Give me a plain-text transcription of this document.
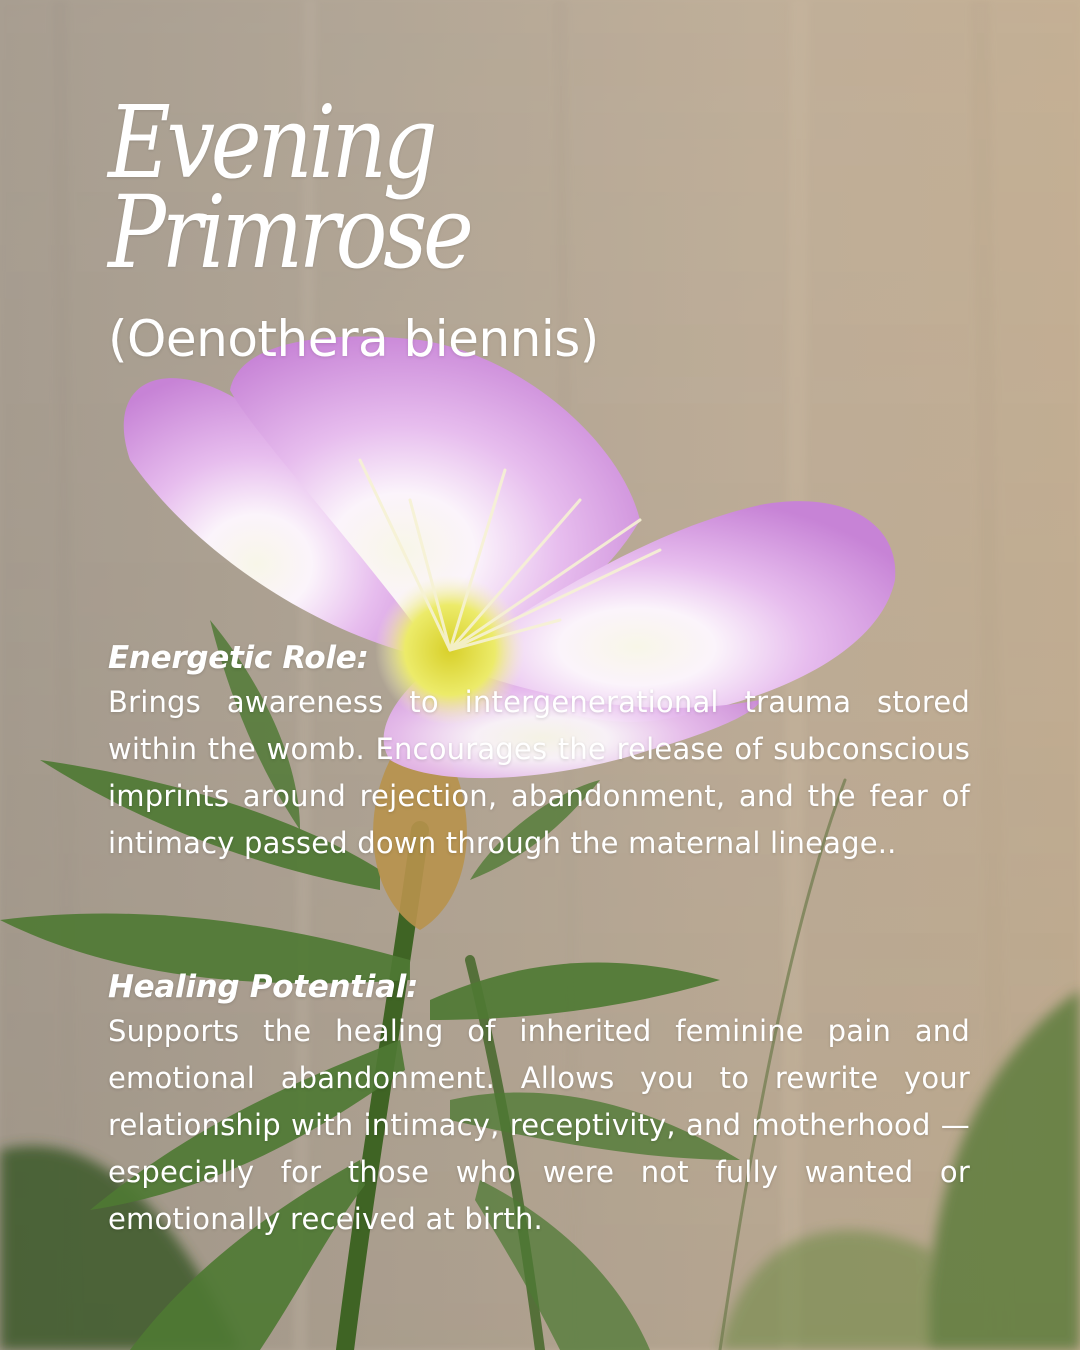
Evening
Primrose
(Oenothera biennis)
Energetic Role:

Brings awareness to intergenerational trauma stored within the womb. Encourages the release of subconscious imprints around rejection, abandonment, and the fear of intimacy passed down through the maternal lineage..

Healing Potential:

Supports the healing of inherited feminine pain and emotional abandonment. Allows you to rewrite your relationship with intimacy, receptivity, and motherhood — especially for those who were not fully wanted or emotionally received at birth.
